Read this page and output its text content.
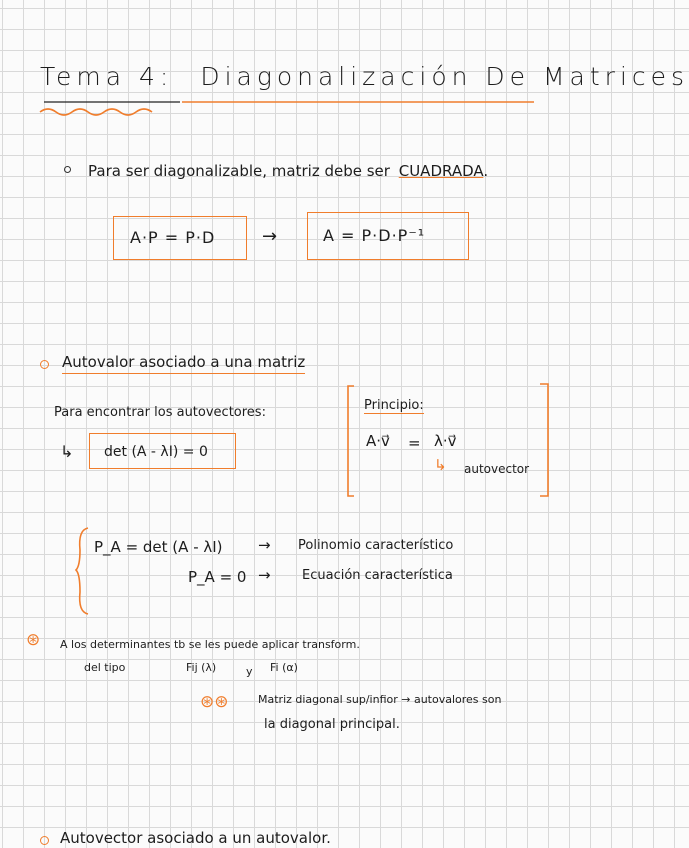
Tema 4: Diagonalización De Matrices
Para ser diagonalizable, matriz debe ser CUADRADA.
A·P = P·D	→	A = P·D·P⁻¹
Autovalor asociado a una matriz
Para encontrar los autovectores:
↳ det (A - λI) = 0
Principio:
A·v⃗ = λ·v⃗
↳ autovector
P_A = det (A - λI) → Polinomio característico
P_A = 0 → Ecuación característica
⊛ A los determinantes tb se les puede aplicar transform.
del tipo	Fij (λ)	y Fi (α)
⊛⊛	Matriz diagonal sup/infior → autovalores son
la diagonal principal.
Autovector asociado a un autovalor.
